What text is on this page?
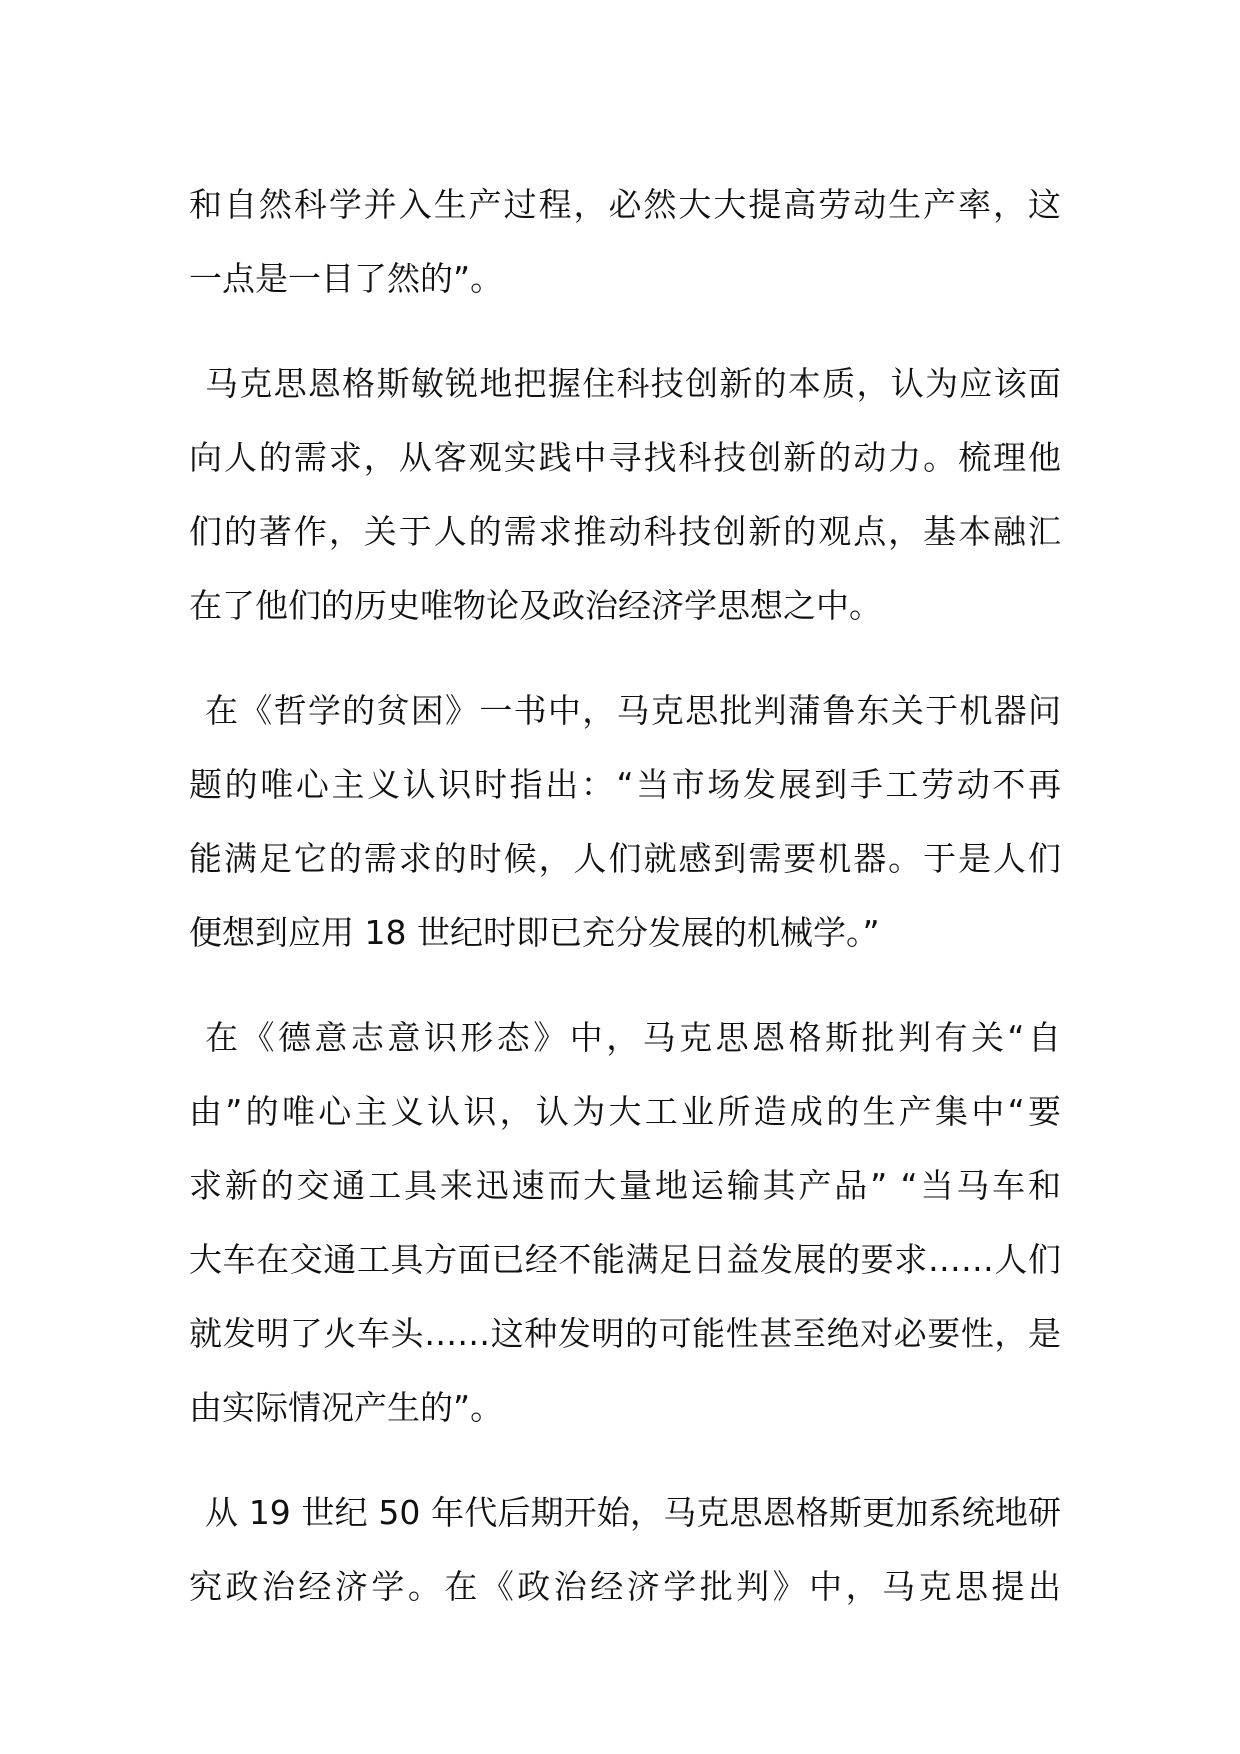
和自然科学并入生产过程，必然大大提高劳动生产率，这
一点是一目了然的”。
马克思恩格斯敏锐地把握住科技创新的本质，认为应该面
向人的需求，从客观实践中寻找科技创新的动力。梳理他
们的著作，关于人的需求推动科技创新的观点，基本融汇
在了他们的历史唯物论及政治经济学思想之中。
在《哲学的贫困》一书中，马克思批判蒲鲁东关于机器问
题的唯心主义认识时指出：“当市场发展到手工劳动不再
能满足它的需求的时候，人们就感到需要机器。于是人们
便想到应用 18 世纪时即已充分发展的机械学。”
在《德意志意识形态》中，马克思恩格斯批判有关“自
由”的唯心主义认识，认为大工业所造成的生产集中“要
求新的交通工具来迅速而大量地运输其产品” “当马车和
大车在交通工具方面已经不能满足日益发展的要求……人们
就发明了火车头……这种发明的可能性甚至绝对必要性，是
由实际情况产生的”。
从 19 世纪 50 年代后期开始，马克思恩格斯更加系统地研
究政治经济学。在《政治经济学批判》中，马克思提出
